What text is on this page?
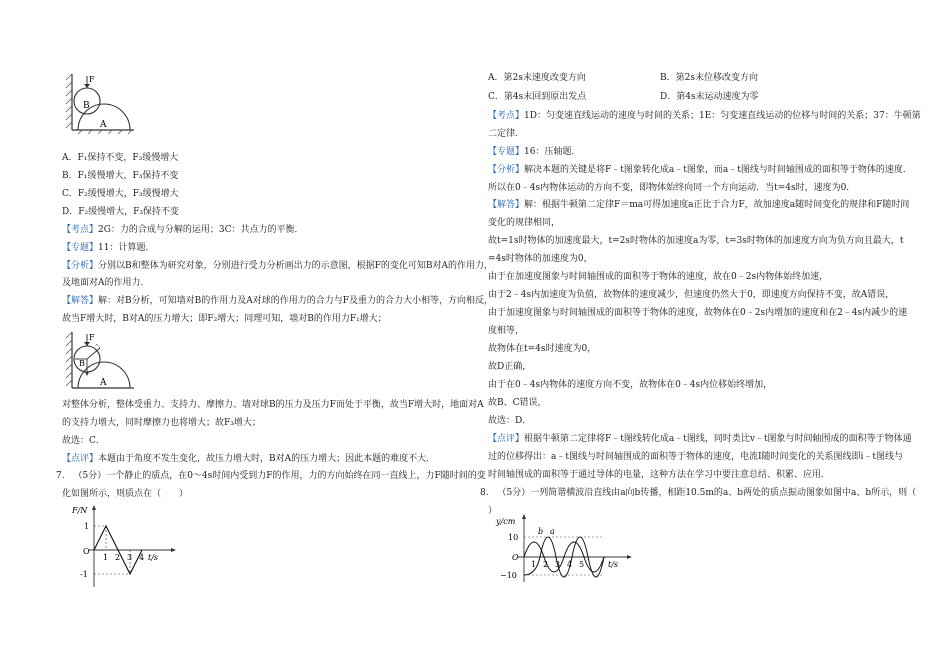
F
B
A
A．F₁保持不变，F₃缓慢增大
B．F₁缓慢增大，F₃保持不变
C．F₂缓慢增大，F₃缓慢增大
D．F₂缓慢增大，F₃保持不变
【考点】2G：力的合成与分解的运用；3C：共点力的平衡．
【专题】11：计算题．
【分析】分别以B和整体为研究对象，分别进行受力分析画出力的示意图，根据F的变化可知B对A的作用力，
及地面对A的作用力．
【解答】解：对B分析，可知墙对B的作用力及A对球的作用力的合力与F及重力的合力大小相等，方向相反，
故当F增大时，B对A的压力增大；即F₂增大；同理可知，墙对B的作用力F₁增大；
F
B
A
对整体分析，整体受重力、支持力、摩擦力、墙对球B的压力及压力F而处于平衡，故当F增大时，地面对A
的支持力增大，同时摩擦力也将增大；故F₃增大；
故选：C．
【点评】本题由于角度不发生变化，故压力增大时，B对A的压力增大；因此本题的难度不大．
7. （5分）一个静止的质点，在0～4s时间内受到力F的作用，力的方向始终在同一直线上，力F随时间的变
化如图所示，则质点在（　　）
F/N
1
O
-1
1 2 3 4 t/s
A．第2s末速度改变方向	B．第2s末位移改变方向
C．第4s末回到原出发点	D．第4s末运动速度为零
【考点】1D：匀变速直线运动的速度与时间的关系；1E：匀变速直线运动的位移与时间的关系；37：牛顿第
二定律．
【专题】16：压轴题．
【分析】解决本题的关键是将F﹣t图象转化成a﹣t图象，而a﹣t图线与时间轴围成的面积等于物体的速度．
所以在0﹣4s内物体运动的方向不变，即物体始终向同一个方向运动．当t=4s时，速度为0．
【解答】解：根据牛顿第二定律F＝ma可得加速度a正比于合力F，故加速度a随时间变化的规律和F随时间
变化的规律相同，
故t=1s时物体的加速度最大，t=2s时物体的加速度a为零，t=3s时物体的加速度方向为负方向且最大，t
=4s时物体的加速度为0，
由于在加速度图象与时间轴围成的面积等于物体的速度，故在0﹣2s内物体始终加速，
由于2﹣4s内加速度为负值，故物体的速度减少，但速度仍然大于0，即速度方向保持不变，故A错误，
由于加速度图象与时间轴围成的面积等于物体的速度，故物体在0﹣2s内增加的速度和在2﹣4s内减少的速
度相等，
故物体在t=4s时速度为0，
故D正确，
由于在0﹣4s内物体的速度方向不变，故物体在0﹣4s内位移始终增加，
故B、C错误，
故选：D．
【点评】根据牛顿第二定律将F﹣t图线转化成a﹣t图线，同时类比v﹣t图象与时间轴围成的面积等于物体通
过的位移得出：a﹣t图线与时间轴围成的面积等于物体的速度，电流I随时间变化的关系图线即i﹣t图线与
时间轴围成的面积等于通过导体的电量，这种方法在学习中要注意总结、积累、应用．
8. （5分）一列简谐横波沿直线由a向b传播，相距10.5m的a、b两处的质点振动图象如图中a、b所示，则（
）
y/cm
10
O
−10
b a
1 2 3 4 5	t/s
